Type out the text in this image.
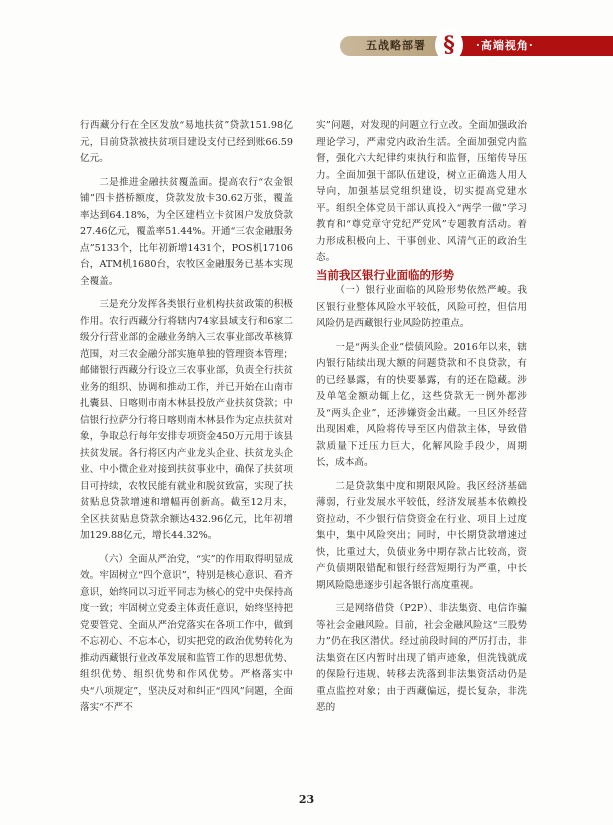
五战略部署	·高端视角·
§

行西藏分行在全区发放“易地扶贫”贷款151.98亿元，目前贷款被扶贫项目建设支付已经到账66.59亿元。

二是推进金融扶贫覆盖面。提高农行“农金银铺”四卡搭桥额度，贷款发放卡30.62万张，覆盖率达到64.18%，为全区建档立卡贫困户发放贷款27.46亿元，覆盖率51.44%。开通“三农金融服务点”5133个，比年初新增1431个，POS机17106台，ATM机1680台，农牧区金融服务已基本实现全覆盖。

三是充分发挥各类银行业机构扶贫政策的积极作用。农行西藏分行将辖内74家县域支行和6家二级分行营业部的金融业务纳入三农事业部改革核算范围，对三农金融分部实施单独的管理资本管理；邮储银行西藏分行设立三农事业部，负责全行扶贫业务的组织、协调和推动工作，并已开始在山南市扎囊县、日喀则市南木林县投放产业扶贫贷款；中信银行拉萨分行将日喀则南木林县作为定点扶贫对象，争取总行每年安排专项资金450万元用于该县扶贫发展。各行将区内产业龙头企业、扶贫龙头企业、中小微企业对接到扶贫事业中，确保了扶贫项目可持续，农牧民能有就业和脱贫致富，实现了扶贫贴息贷款增速和增幅再创新高。截至12月末，全区扶贫贴息贷款余额达432.96亿元，比年初增加129.88亿元，增长44.32%。

（六）全面从严治党，“实”的作用取得明显成效。牢固树立“四个意识”，特别是核心意识、看齐意识，始终同以习近平同志为核心的党中央保持高度一致；牢固树立党委主体责任意识，始终坚持把党要管党、全面从严治党落实在各项工作中，做到不忘初心、不忘本心，切实把党的政治优势转化为推动西藏银行业改革发展和监管工作的思想优势、组织优势、组织优势和作风优势。严格落实中央“八项规定”，坚决反对和纠正“四风”问题，全面落实“不严不

实”问题，对发现的问题立行立改。全面加强政治理论学习，严肃党内政治生活。全面加强党内监督，强化六大纪律约束执行和监督，压缩传导压力。全面加强干部队伍建设，树立正确选人用人导向，加强基层党组织建设，切实提高党建水平。组织全体党员干部认真投入“两学一做”学习教育和“尊党章守党纪严党风”专题教育活动。着力形成积极向上、干事创业、风清气正的政治生态。

当前我区银行业面临的形势

（一）银行业面临的风险形势依然严峻。我区银行业整体风险水平较低，风险可控，但信用风险仍是西藏银行业风险防控重点。

一是“两头企业”偿债风险。2016年以来，辖内银行陆续出现大额的问题贷款和不良贷款，有的已经暴露，有的快要暴露，有的还在隐藏。涉及单笔金额动辄上亿，这些贷款无一例外都涉及“两头企业”，还涉嫌资金出藏。一旦区外经营出现困难，风险将传导至区内借款主体，导致借款质量下迁压力巨大，化解风险手段少，周期长，成本高。

二是贷款集中度和期限风险。我区经济基础薄弱，行业发展水平较低，经济发展基本依赖投资拉动，不少银行信贷资金在行业、项目上过度集中，集中风险突出；同时，中长期贷款增速过快，比重过大，负债业务中期存款占比较高，资产负债期限错配和银行经营短期行为严重，中长期风险隐患逐步引起各银行高度重视。

三是网络借贷（P2P）、非法集资、电信诈骗等社会金融风险。目前，社会金融风险这“三股势力”仍在我区潜伏。经过前段时间的严厉打击，非法集资在区内暂时出现了销声迹象，但洗钱就成的保险行违规、转移去洗落到非法集资活动仍是重点监控对象；由于西藏偏远，提长复杂，非洗恶的

23
